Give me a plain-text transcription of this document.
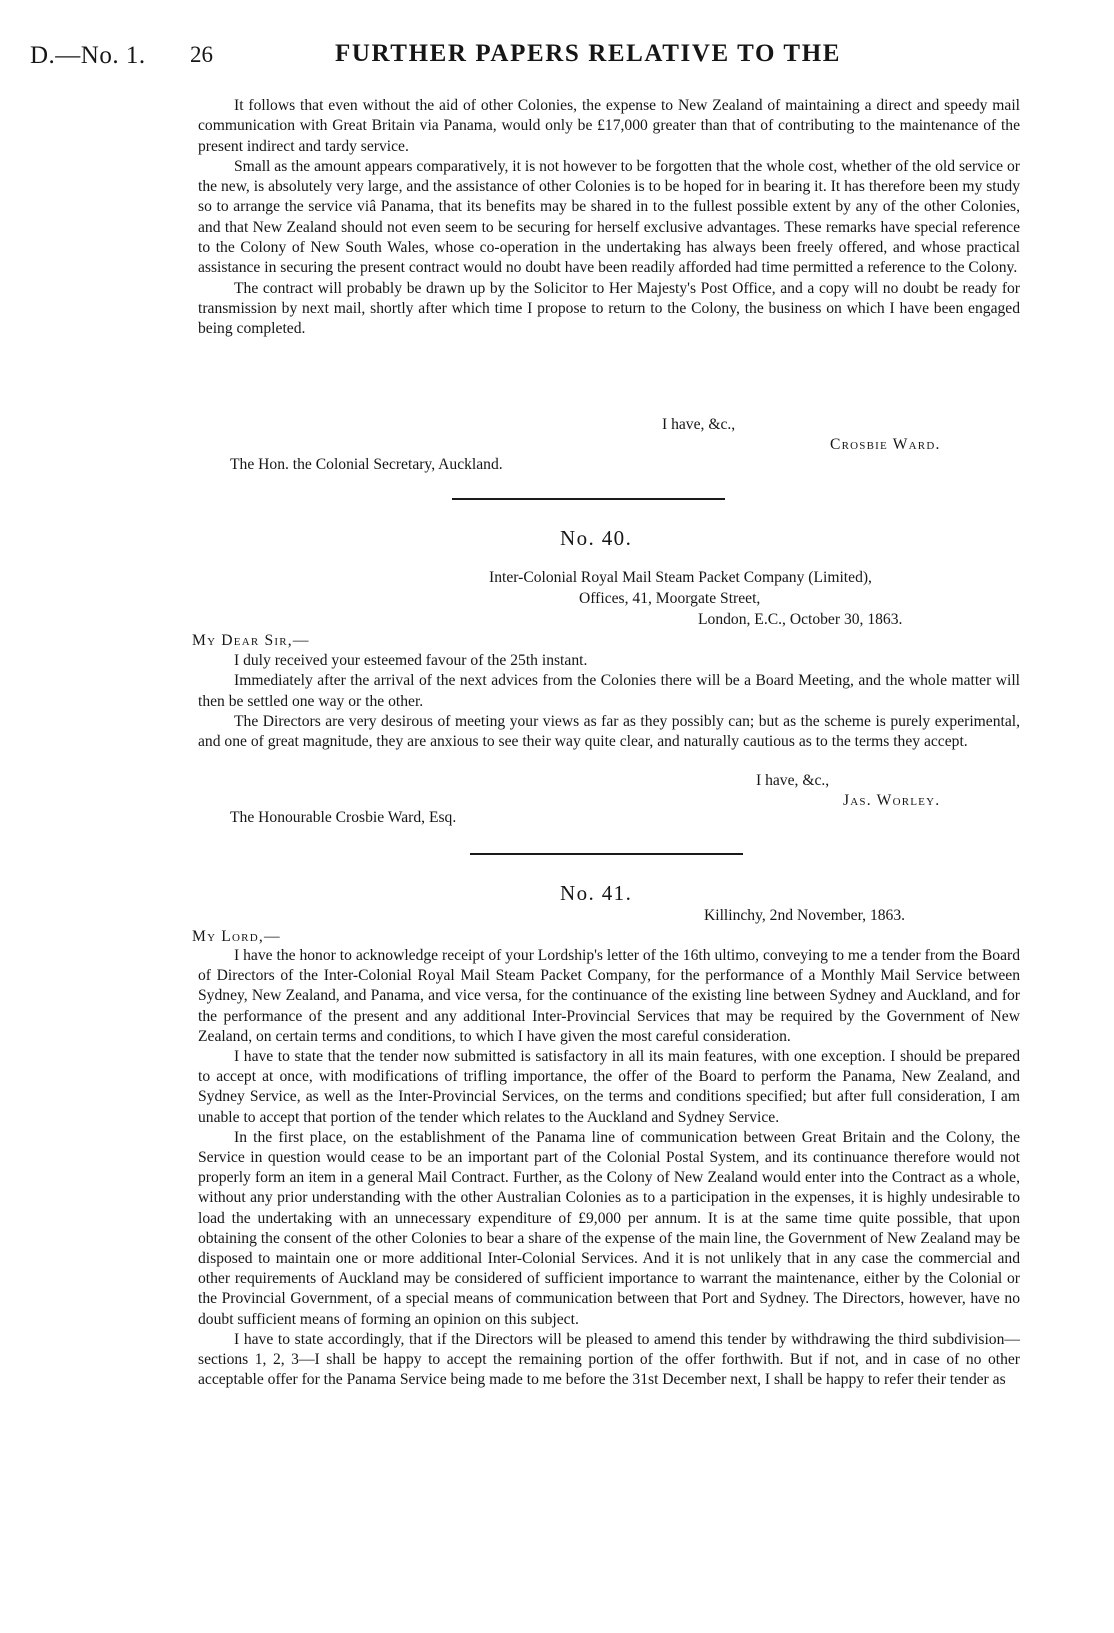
D.—No. 1. 26	FURTHER PAPERS RELATIVE TO THE

It follows that even without the aid of other Colonies, the expense to New Zealand of maintaining a direct and speedy mail communication with Great Britain via Panama, would only be £17,000 greater than that of contributing to the maintenance of the present indirect and tardy service.

Small as the amount appears comparatively, it is not however to be forgotten that the whole cost, whether of the old service or the new, is absolutely very large, and the assistance of other Colonies is to be hoped for in bearing it. It has therefore been my study so to arrange the service viâ Panama, that its benefits may be shared in to the fullest possible extent by any of the other Colonies, and that New Zealand should not even seem to be securing for herself exclusive advantages. These remarks have special reference to the Colony of New South Wales, whose co-operation in the undertaking has always been freely offered, and whose practical assistance in securing the present contract would no doubt have been readily afforded had time permitted a reference to the Colony.

The contract will probably be drawn up by the Solicitor to Her Majesty's Post Office, and a copy will no doubt be ready for transmission by next mail, shortly after which time I propose to return to the Colony, the business on which I have been engaged being completed.

I have, &c.,
Crosbie Ward.
The Hon. the Colonial Secretary, Auckland.
No. 40.
Inter-Colonial Royal Mail Steam Packet Company (Limited),
Offices, 41, Moorgate Street,
London, E.C., October 30, 1863.
My Dear Sir,—

I duly received your esteemed favour of the 25th instant.

Immediately after the arrival of the next advices from the Colonies there will be a Board Meeting, and the whole matter will then be settled one way or the other.

The Directors are very desirous of meeting your views as far as they possibly can; but as the scheme is purely experimental, and one of great magnitude, they are anxious to see their way quite clear, and naturally cautious as to the terms they accept.

I have, &c.,
Jas. Worley.
The Honourable Crosbie Ward, Esq.
No. 41.
Killinchy, 2nd November, 1863.
My Lord,—

I have the honor to acknowledge receipt of your Lordship's letter of the 16th ultimo, conveying to me a tender from the Board of Directors of the Inter-Colonial Royal Mail Steam Packet Company, for the performance of a Monthly Mail Service between Sydney, New Zealand, and Panama, and vice versa, for the continuance of the existing line between Sydney and Auckland, and for the performance of the present and any additional Inter-Provincial Services that may be required by the Government of New Zealand, on certain terms and conditions, to which I have given the most careful consideration.

I have to state that the tender now submitted is satisfactory in all its main features, with one exception. I should be prepared to accept at once, with modifications of trifling importance, the offer of the Board to perform the Panama, New Zealand, and Sydney Service, as well as the Inter-Provincial Services, on the terms and conditions specified; but after full consideration, I am unable to accept that portion of the tender which relates to the Auckland and Sydney Service.

In the first place, on the establishment of the Panama line of communication between Great Britain and the Colony, the Service in question would cease to be an important part of the Colonial Postal System, and its continuance therefore would not properly form an item in a general Mail Contract. Further, as the Colony of New Zealand would enter into the Contract as a whole, without any prior understanding with the other Australian Colonies as to a participation in the expenses, it is highly undesirable to load the undertaking with an unnecessary expenditure of £9,000 per annum. It is at the same time quite possible, that upon obtaining the consent of the other Colonies to bear a share of the expense of the main line, the Government of New Zealand may be disposed to maintain one or more additional Inter-Colonial Services. And it is not unlikely that in any case the commercial and other requirements of Auckland may be considered of sufficient importance to warrant the maintenance, either by the Colonial or the Provincial Government, of a special means of communication between that Port and Sydney. The Directors, however, have no doubt sufficient means of forming an opinion on this subject.

I have to state accordingly, that if the Directors will be pleased to amend this tender by withdrawing the third subdivision—sections 1, 2, 3—I shall be happy to accept the remaining portion of the offer forthwith. But if not, and in case of no other acceptable offer for the Panama Service being made to me before the 31st December next, I shall be happy to refer their tender as
